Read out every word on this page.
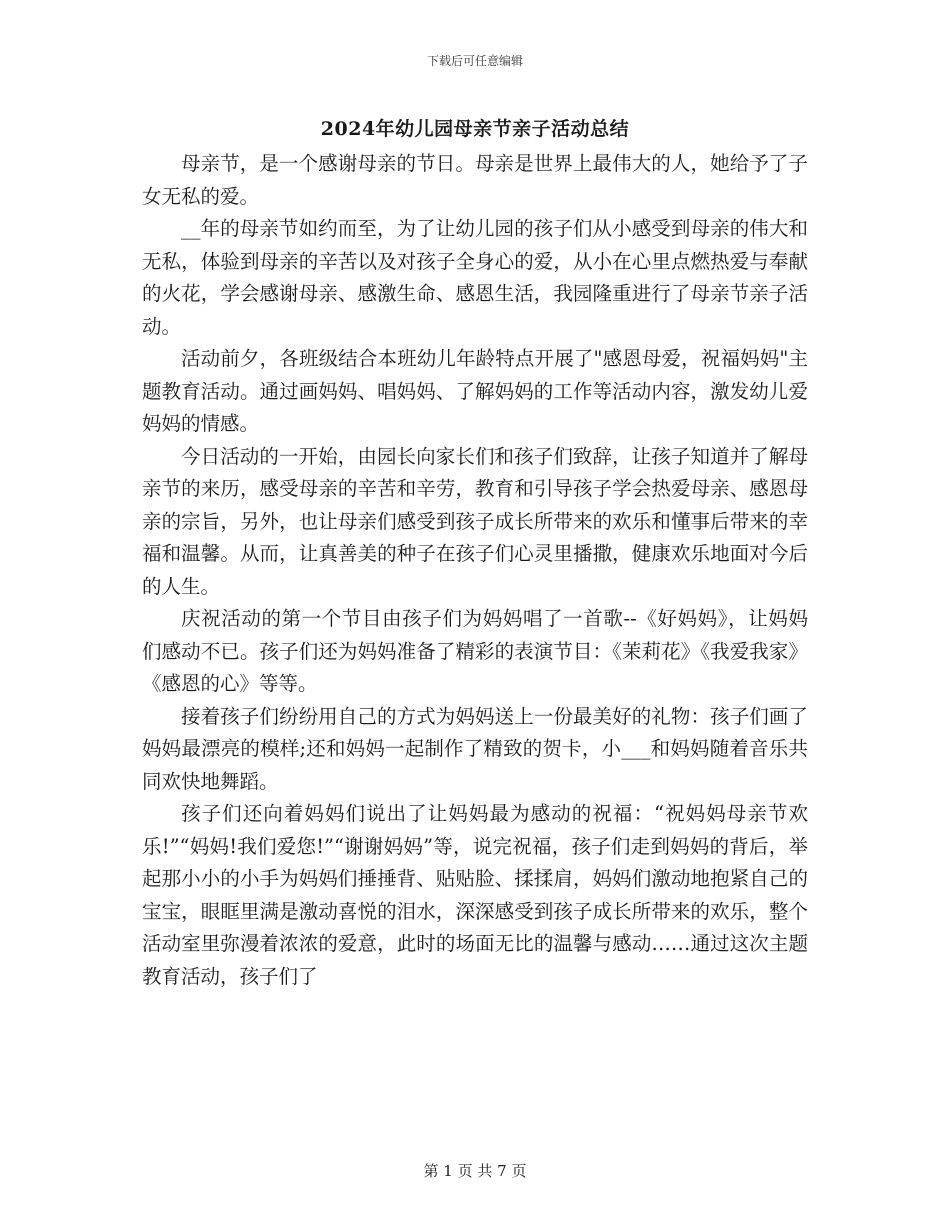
下载后可任意编辑
2024年幼儿园母亲节亲子活动总结

母亲节，是一个感谢母亲的节日。母亲是世界上最伟大的人，她给予了子女无私的爱。

__年的母亲节如约而至，为了让幼儿园的孩子们从小感受到母亲的伟大和无私，体验到母亲的辛苦以及对孩子全身心的爱，从小在心里点燃热爱与奉献的火花，学会感谢母亲、感激生命、感恩生活，我园隆重进行了母亲节亲子活动。

活动前夕，各班级结合本班幼儿年龄特点开展了"感恩母爱，祝福妈妈"主题教育活动。通过画妈妈、唱妈妈、了解妈妈的工作等活动内容，激发幼儿爱妈妈的情感。

今日活动的一开始，由园长向家长们和孩子们致辞，让孩子知道并了解母亲节的来历，感受母亲的辛苦和辛劳，教育和引导孩子学会热爱母亲、感恩母亲的宗旨，另外，也让母亲们感受到孩子成长所带来的欢乐和懂事后带来的幸福和温馨。从而，让真善美的种子在孩子们心灵里播撒，健康欢乐地面对今后的人生。

庆祝活动的第一个节目由孩子们为妈妈唱了一首歌--《好妈妈》，让妈妈们感动不已。孩子们还为妈妈准备了精彩的表演节目：《茉莉花》《我爱我家》《感恩的心》等等。

接着孩子们纷纷用自己的方式为妈妈送上一份最美好的礼物：孩子们画了妈妈最漂亮的模样;还和妈妈一起制作了精致的贺卡，小___和妈妈随着音乐共同欢快地舞蹈。

孩子们还向着妈妈们说出了让妈妈最为感动的祝福：“祝妈妈母亲节欢乐!”“妈妈!我们爱您!”“谢谢妈妈”等，说完祝福，孩子们走到妈妈的背后，举起那小小的小手为妈妈们捶捶背、贴贴脸、揉揉肩，妈妈们激动地抱紧自己的宝宝，眼眶里满是激动喜悦的泪水，深深感受到孩子成长所带来的欢乐，整个活动室里弥漫着浓浓的爱意，此时的场面无比的温馨与感动……通过这次主题教育活动，孩子们了

第 1 页 共 7 页
